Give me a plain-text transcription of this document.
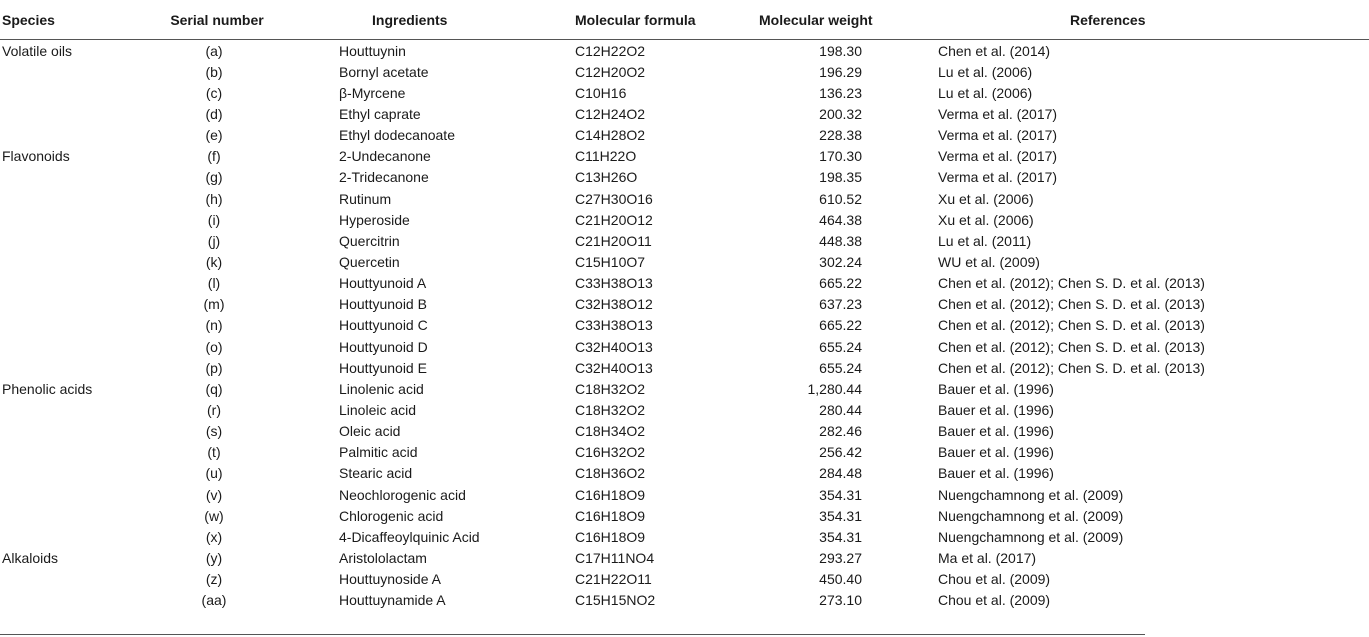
Species	Serial number	Ingredients	Molecular formula	Molecular weight	References
Volatile oils	(a)	Houttuynin	C12H22O2	198.30	Chen et al. (2014)
	(b)	Bornyl acetate	C12H20O2	196.29	Lu et al. (2006)
	(c)	β-Myrcene	C10H16	136.23	Lu et al. (2006)
	(d)	Ethyl caprate	C12H24O2	200.32	Verma et al. (2017)
	(e)	Ethyl dodecanoate	C14H28O2	228.38	Verma et al. (2017)
Flavonoids	(f)	2-Undecanone	C11H22O	170.30	Verma et al. (2017)
	(g)	2-Tridecanone	C13H26O	198.35	Verma et al. (2017)
	(h)	Rutinum	C27H30O16	610.52	Xu et al. (2006)
	(i)	Hyperoside	C21H20O12	464.38	Xu et al. (2006)
	(j)	Quercitrin	C21H20O11	448.38	Lu et al. (2011)
	(k)	Quercetin	C15H10O7	302.24	WU et al. (2009)
	(l)	Houttyunoid A	C33H38O13	665.22	Chen et al. (2012); Chen S. D. et al. (2013)
	(m)	Houttyunoid B	C32H38O12	637.23	Chen et al. (2012); Chen S. D. et al. (2013)
	(n)	Houttyunoid C	C33H38O13	665.22	Chen et al. (2012); Chen S. D. et al. (2013)
	(o)	Houttyunoid D	C32H40O13	655.24	Chen et al. (2012); Chen S. D. et al. (2013)
	(p)	Houttyunoid E	C32H40O13	655.24	Chen et al. (2012); Chen S. D. et al. (2013)
Phenolic acids	(q)	Linolenic acid	C18H32O2	1,280.44	Bauer et al. (1996)
	(r)	Linoleic acid	C18H32O2	280.44	Bauer et al. (1996)
	(s)	Oleic acid	C18H34O2	282.46	Bauer et al. (1996)
	(t)	Palmitic acid	C16H32O2	256.42	Bauer et al. (1996)
	(u)	Stearic acid	C18H36O2	284.48	Bauer et al. (1996)
	(v)	Neochlorogenic acid	C16H18O9	354.31	Nuengchamnong et al. (2009)
	(w)	Chlorogenic acid	C16H18O9	354.31	Nuengchamnong et al. (2009)
	(x)	4-Dicaffeoylquinic Acid	C16H18O9	354.31	Nuengchamnong et al. (2009)
Alkaloids	(y)	Aristololactam	C17H11NO4	293.27	Ma et al. (2017)
	(z)	Houttuynoside A	C21H22O11	450.40	Chou et al. (2009)
	(aa)	Houttuynamide A	C15H15NO2	273.10	Chou et al. (2009)
